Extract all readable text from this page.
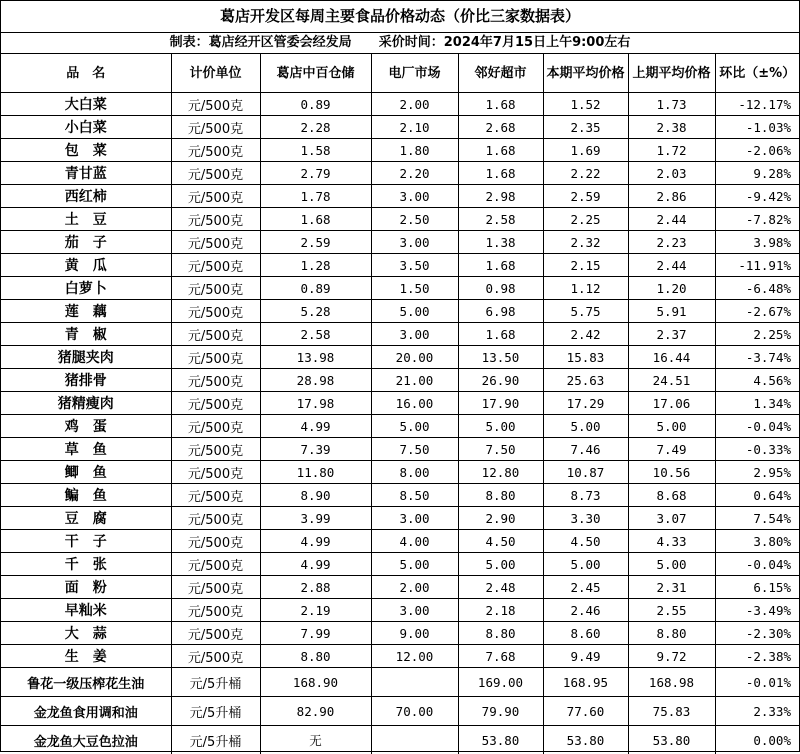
葛店开发区每周主要食品价格动态（价比三家数据表）
制表：葛店经开区管委会经发局 采价时间：2024年7月15日上午9:00左右
品　名	计价单位	葛店中百仓储	电厂市场	邻好超市	本期平均价格	上期平均价格	环比（±%）
大白菜	元/500克	0.89	2.00	1.68	1.52	1.73	-12.17%
小白菜	元/500克	2.28	2.10	2.68	2.35	2.38	-1.03%
包　菜	元/500克	1.58	1.80	1.68	1.69	1.72	-2.06%
青甘蓝	元/500克	2.79	2.20	1.68	2.22	2.03	9.28%
西红柿	元/500克	1.78	3.00	2.98	2.59	2.86	-9.42%
土　豆	元/500克	1.68	2.50	2.58	2.25	2.44	-7.82%
茄　子	元/500克	2.59	3.00	1.38	2.32	2.23	3.98%
黄　瓜	元/500克	1.28	3.50	1.68	2.15	2.44	-11.91%
白萝卜	元/500克	0.89	1.50	0.98	1.12	1.20	-6.48%
莲　藕	元/500克	5.28	5.00	6.98	5.75	5.91	-2.67%
青　椒	元/500克	2.58	3.00	1.68	2.42	2.37	2.25%
猪腿夹肉	元/500克	13.98	20.00	13.50	15.83	16.44	-3.74%
猪排骨	元/500克	28.98	21.00	26.90	25.63	24.51	4.56%
猪精瘦肉	元/500克	17.98	16.00	17.90	17.29	17.06	1.34%
鸡　蛋	元/500克	4.99	5.00	5.00	5.00	5.00	-0.04%
草　鱼	元/500克	7.39	7.50	7.50	7.46	7.49	-0.33%
鲫　鱼	元/500克	11.80	8.00	12.80	10.87	10.56	2.95%
鳊　鱼	元/500克	8.90	8.50	8.80	8.73	8.68	0.64%
豆　腐	元/500克	3.99	3.00	2.90	3.30	3.07	7.54%
干　子	元/500克	4.99	4.00	4.50	4.50	4.33	3.80%
千　张	元/500克	4.99	5.00	5.00	5.00	5.00	-0.04%
面　粉	元/500克	2.88	2.00	2.48	2.45	2.31	6.15%
早籼米	元/500克	2.19	3.00	2.18	2.46	2.55	-3.49%
大　蒜	元/500克	7.99	9.00	8.80	8.60	8.80	-2.30%
生　姜	元/500克	8.80	12.00	7.68	9.49	9.72	-2.38%
鲁花一级压榨花生油	元/5升桶	168.90		169.00	168.95	168.98	-0.01%
金龙鱼食用调和油	元/5升桶	82.90	70.00	79.90	77.60	75.83	2.33%
金龙鱼大豆色拉油	元/5升桶	无		53.80	53.80	53.80	0.00%
